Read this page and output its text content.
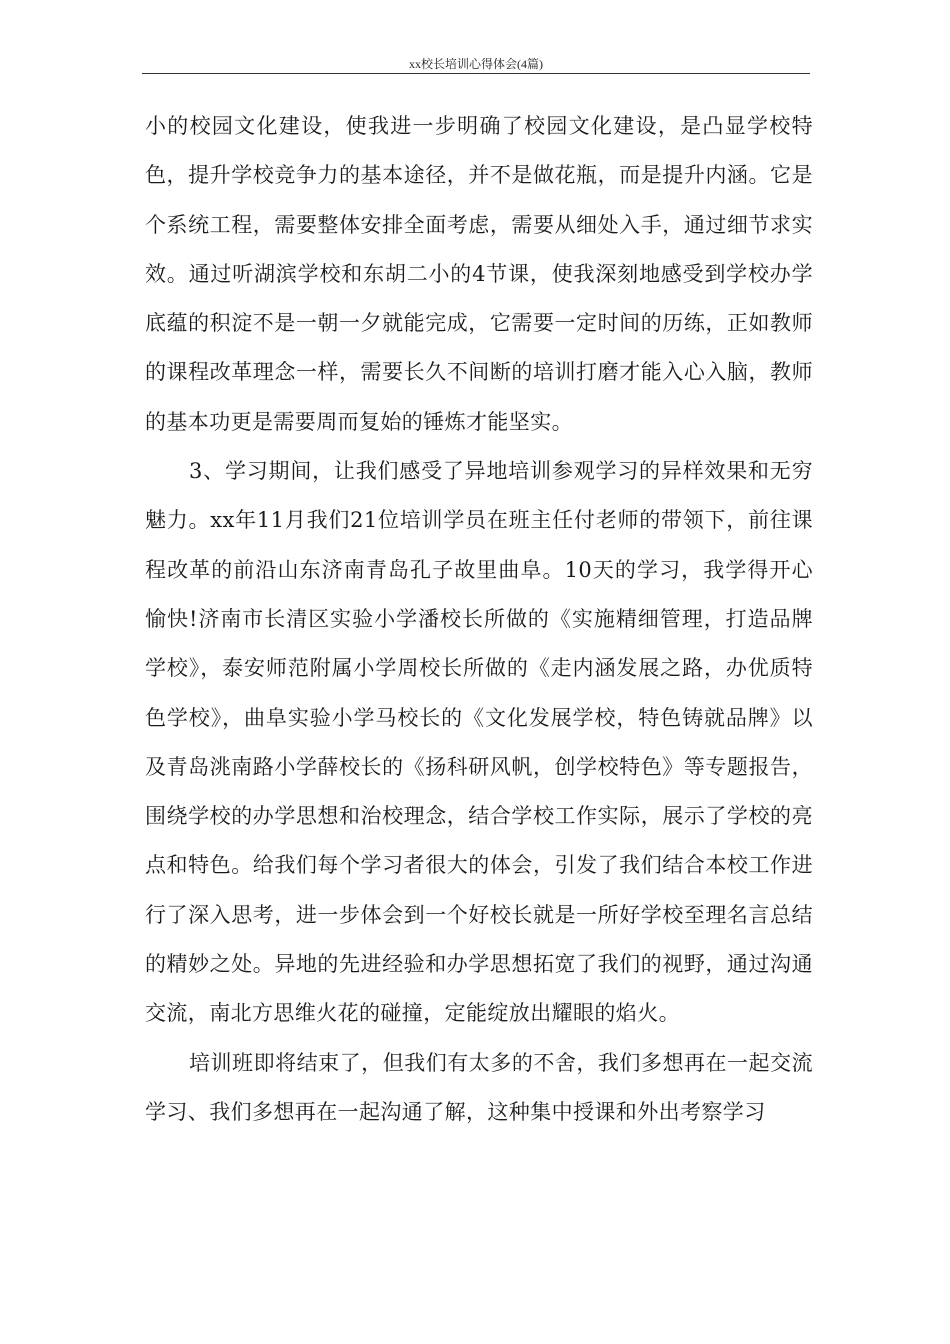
xx校长培训心得体会(4篇)

小的校园文化建设，使我进一步明确了校园文化建设，是凸显学校特色，提升学校竞争力的基本途径，并不是做花瓶，而是提升内涵。它是个系统工程，需要整体安排全面考虑，需要从细处入手，通过细节求实效。通过听湖滨学校和东胡二小的4节课，使我深刻地感受到学校办学底蕴的积淀不是一朝一夕就能完成，它需要一定时间的历练，正如教师的课程改革理念一样，需要长久不间断的培训打磨才能入心入脑，教师的基本功更是需要周而复始的锤炼才能坚实。

3、学习期间，让我们感受了异地培训参观学习的异样效果和无穷魅力。xx年11月我们21位培训学员在班主任付老师的带领下，前往课程改革的前沿山东济南青岛孔子故里曲阜。10天的学习，我学得开心愉快!济南市长清区实验小学潘校长所做的《实施精细管理，打造品牌学校》，泰安师范附属小学周校长所做的《走内涵发展之路，办优质特色学校》，曲阜实验小学马校长的《文化发展学校，特色铸就品牌》以及青岛洮南路小学薛校长的《扬科研风帆，创学校特色》等专题报告，围绕学校的办学思想和治校理念，结合学校工作实际，展示了学校的亮点和特色。给我们每个学习者很大的体会，引发了我们结合本校工作进行了深入思考，进一步体会到一个好校长就是一所好学校至理名言总结的精妙之处。异地的先进经验和办学思想拓宽了我们的视野，通过沟通交流，南北方思维火花的碰撞，定能绽放出耀眼的焰火。

培训班即将结束了，但我们有太多的不舍，我们多想再在一起交流学习、我们多想再在一起沟通了解，这种集中授课和外出考察学习
